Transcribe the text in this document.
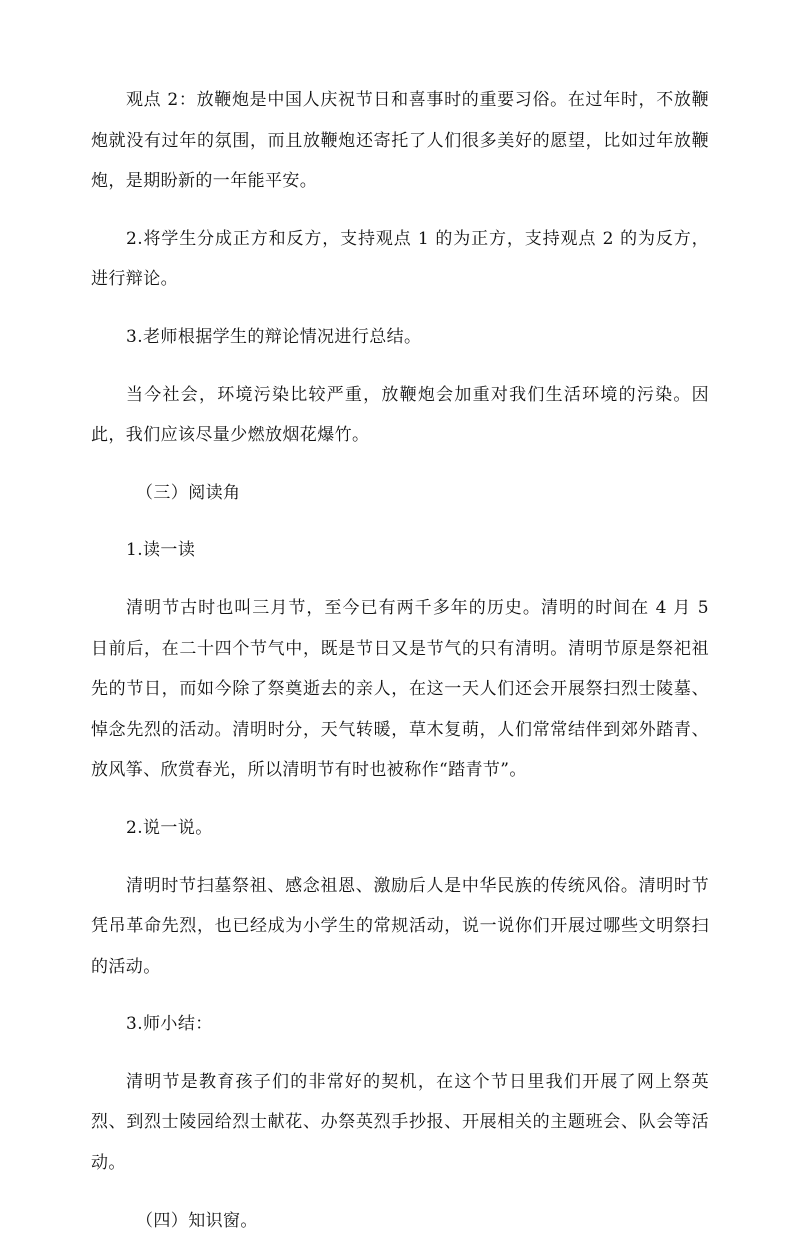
观点 2：放鞭炮是中国人庆祝节日和喜事时的重要习俗。在过年时，不放鞭炮就没有过年的氛围，而且放鞭炮还寄托了人们很多美好的愿望，比如过年放鞭炮，是期盼新的一年能平安。

2.将学生分成正方和反方，支持观点 1 的为正方，支持观点 2 的为反方，进行辩论。

3.老师根据学生的辩论情况进行总结。

当今社会，环境污染比较严重，放鞭炮会加重对我们生活环境的污染。因此，我们应该尽量少燃放烟花爆竹。

（三）阅读角

1.读一读

清明节古时也叫三月节，至今已有两千多年的历史。清明的时间在 4 月 5 日前后，在二十四个节气中，既是节日又是节气的只有清明。清明节原是祭祀祖先的节日，而如今除了祭奠逝去的亲人，在这一天人们还会开展祭扫烈士陵墓、悼念先烈的活动。清明时分，天气转暖，草木复萌，人们常常结伴到郊外踏青、放风筝、欣赏春光，所以清明节有时也被称作“踏青节”。

2.说一说。

清明时节扫墓祭祖、感念祖恩、激励后人是中华民族的传统风俗。清明时节凭吊革命先烈，也已经成为小学生的常规活动，说一说你们开展过哪些文明祭扫的活动。

3.师小结：

清明节是教育孩子们的非常好的契机，在这个节日里我们开展了网上祭英烈、到烈士陵园给烈士献花、办祭英烈手抄报、开展相关的主题班会、队会等活动。

（四）知识窗。
